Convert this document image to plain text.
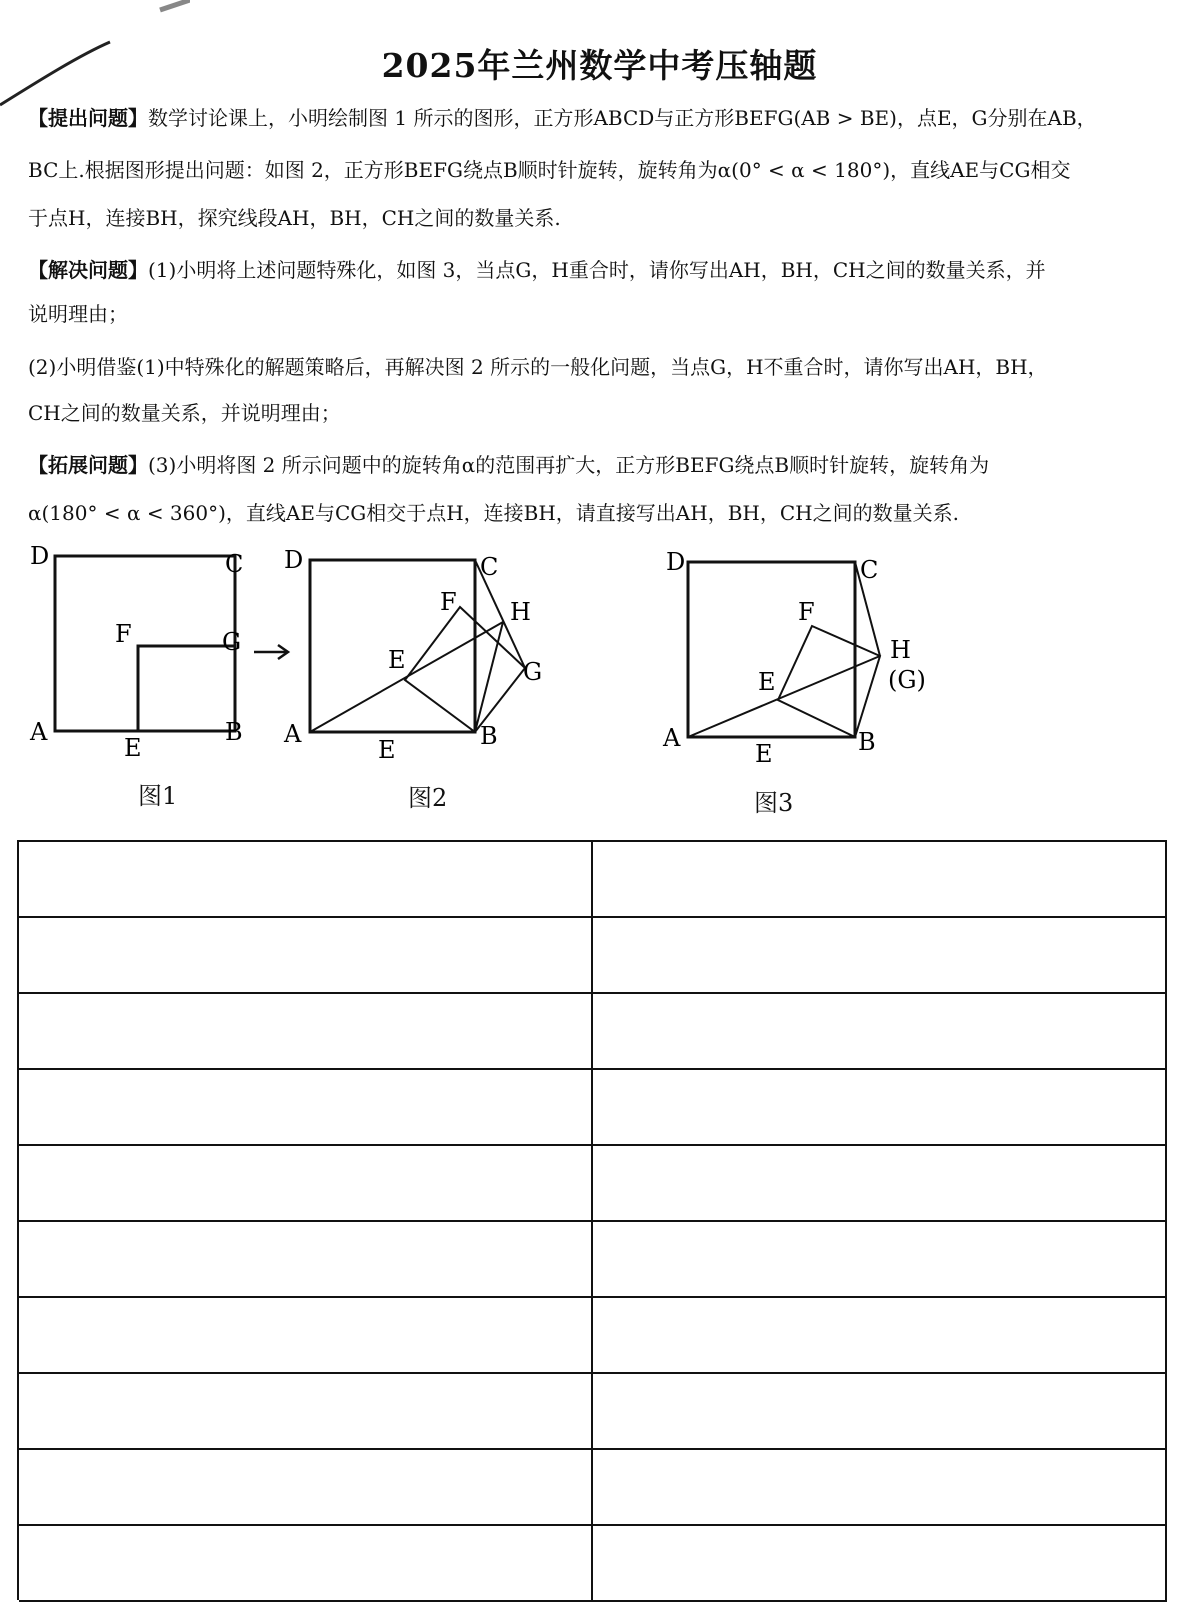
2025年兰州数学中考压轴题
【提出问题】数学讨论课上，小明绘制图 1 所示的图形，正方形ABCD与正方形BEFG(AB > BE)，点E，G分别在AB，
BC上.根据图形提出问题：如图 2，正方形BEFG绕点B顺时针旋转，旋转角为α(0° < α < 180°)，直线AE与CG相交
于点H，连接BH，探究线段AH，BH，CH之间的数量关系.
【解决问题】(1)小明将上述问题特殊化，如图 3，当点G，H重合时，请你写出AH，BH，CH之间的数量关系，并
说明理由；
(2)小明借鉴(1)中特殊化的解题策略后，再解决图 2 所示的一般化问题，当点G，H不重合时，请你写出AH，BH，
CH之间的数量关系，并说明理由；
【拓展问题】(3)小明将图 2 所示问题中的旋转角α的范围再扩大，正方形BEFG绕点B顺时针旋转，旋转角为
α(180° < α < 360°)，直线AE与CG相交于点H，连接BH，请直接写出AH，BH，CH之间的数量关系.
D	C
F	G
A
E
B
图1
D	C
F H
E	G
A
E	B
图2
D	C
F
H
(G)
E
A
E	B
图3
